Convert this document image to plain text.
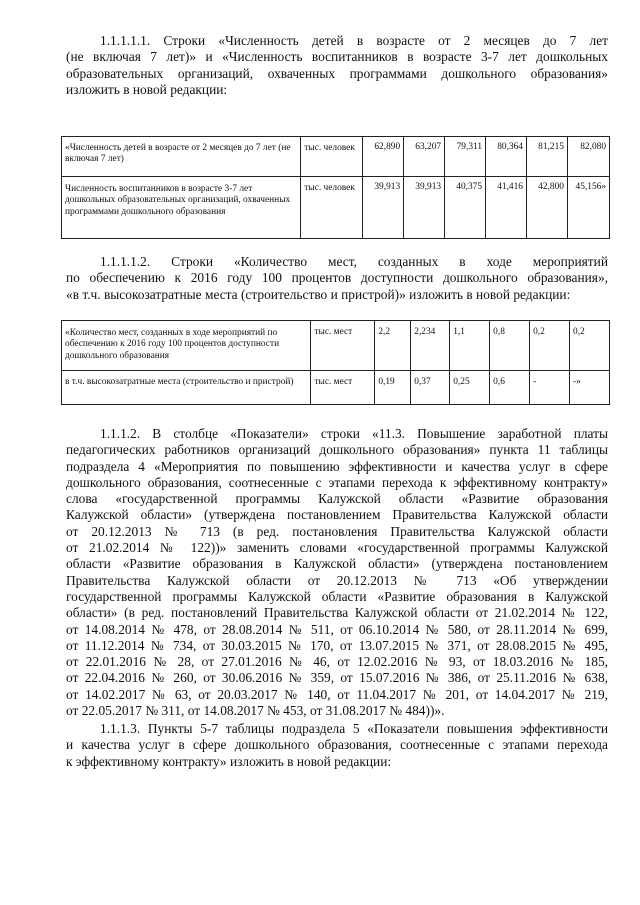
1.1.1.1.1. Строки «Численность детей в возрасте от 2 месяцев до 7 лет
(не включая 7 лет)» и «Численность воспитанников в возрасте 3-7 лет дошкольных
образовательных организаций, охваченных программами дошкольного образования»
изложить в новой редакции:
«Численность детей в возрасте от 2 месяцев до 7 лет (не включая 7 лет)	тыс. человек	62,890	63,207	79,311	80,364	81,215	82,080
Численность воспитанников в возрасте 3-7 лет дошкольных образовательных организаций, охваченных программами дошкольного образования	тыс. человек	39,913	39,913	40,375	41,416	42,800	45,156»
1.1.1.1.2. Строки «Количество мест, созданных в ходе мероприятий
по обеспечению к 2016 году 100 процентов доступности дошкольного образования»,
«в т.ч. высокозатратные места (строительство и пристрой)» изложить в новой редакции:
«Количество мест, созданных в ходе мероприятий по обеспечению к 2016 году 100 процентов доступности дошкольного образования	тыс. мест	2,2	2,234	1,1	0,8	0,2	0,2
в т.ч. высокозатратные места (строительство и пристрой)	тыс. мест	0,19	0,37	0,25	0,6	-	-»
1.1.1.2. В столбце «Показатели» строки «11.3. Повышение заработной платы
педагогических работников организаций дошкольного образования» пункта 11 таблицы
подраздела 4 «Мероприятия по повышению эффективности и качества услуг в сфере
дошкольного образования, соотнесенные с этапами перехода к эффективному контракту»
слова «государственной программы Калужской области «Развитие образования
Калужской области» (утверждена постановлением Правительства Калужской области
от 20.12.2013 № 713 (в ред. постановления Правительства Калужской области
от 21.02.2014 № 122))» заменить словами «государственной программы Калужской
области «Развитие образования в Калужской области» (утверждена постановлением
Правительства Калужской области от 20.12.2013 № 713 «Об утверждении
государственной программы Калужской области «Развитие образования в Калужской
области» (в ред. постановлений Правительства Калужской области от 21.02.2014 № 122,
от 14.08.2014 № 478, от 28.08.2014 № 511, от 06.10.2014 № 580, от 28.11.2014 № 699,
от 11.12.2014 № 734, от 30.03.2015 № 170, от 13.07.2015 № 371, от 28.08.2015 № 495,
от 22.01.2016 № 28, от 27.01.2016 № 46, от 12.02.2016 № 93, от 18.03.2016 № 185,
от 22.04.2016 № 260, от 30.06.2016 № 359, от 15.07.2016 № 386, от 25.11.2016 № 638,
от 14.02.2017 № 63, от 20.03.2017 № 140, от 11.04.2017 № 201, от 14.04.2017 № 219,
от 22.05.2017 № 311, от 14.08.2017 № 453, от 31.08.2017 № 484))».
1.1.1.3. Пункты 5-7 таблицы подраздела 5 «Показатели повышения эффективности
и качества услуг в сфере дошкольного образования, соотнесенные с этапами перехода
к эффективному контракту» изложить в новой редакции:
